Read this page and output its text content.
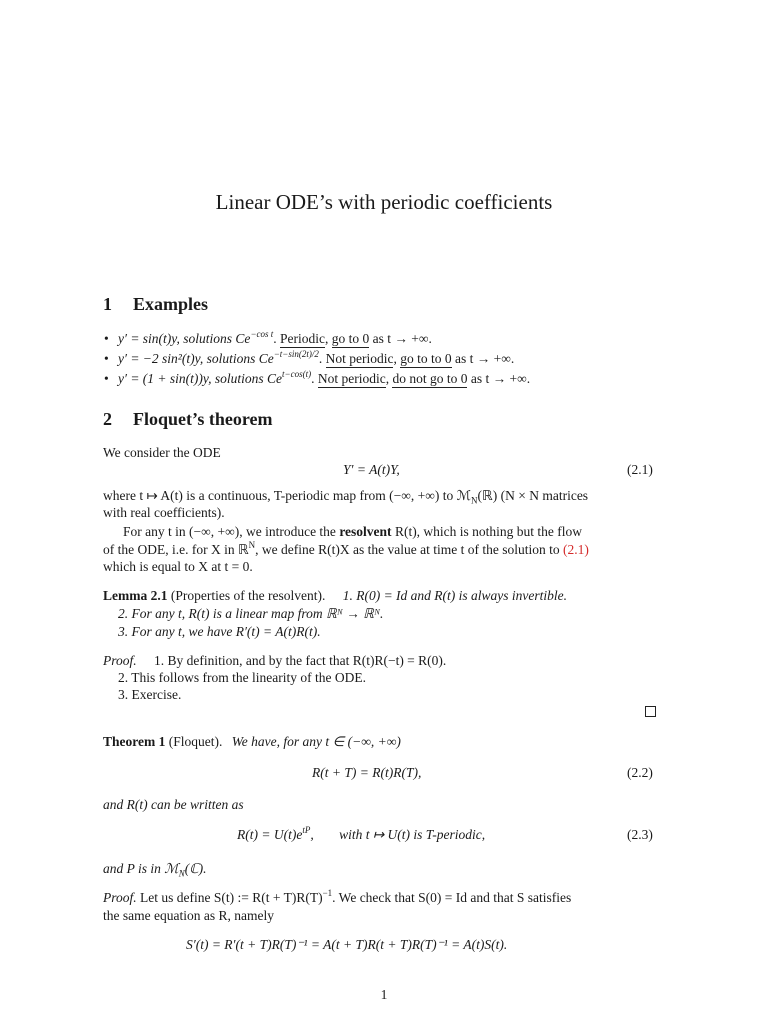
Linear ODE’s with periodic coefficients
1 Examples
• y′ = sin(t)y, solutions $Ce^{-cos t}$. Periodic, go to 0 as t → +∞.
• y′ = −2 sin²(t)y, solutions $Ce^{-t-sin(2t)/2}$. Not periodic, go to to 0 as t → +∞.
• y′ = (1 + sin(t))y, solutions $Ce^{t-cos(t)}$. Not periodic, do not go to 0 as t → +∞.
2 Floquet’s theorem
We consider the ODE
Y′ = A(t)Y,	(2.1)
where t ↦ A(t) is a continuous, T-periodic map from (−∞, +∞) to ℳ$_N$(ℝ) (N × N matrices
with real coefficients).
For any t in (−∞, +∞), we introduce the resolvent R(t), which is nothing but the flow
of the ODE, i.e. for X in ℝ$^N$, we define R(t)X as the value at time t of the solution to (2.1)
which is equal to X at t = 0.
Lemma 2.1 (Properties of the resolvent). 1. R(0) = Id and R(t) is always invertible.
2. For any t, R(t) is a linear map from ℝᴺ → ℝᴺ.
3. For any t, we have R′(t) = A(t)R(t).
Proof. 1. By definition, and by the fact that R(t)R(−t) = R(0).
2. This follows from the linearity of the ODE.
3. Exercise.
Theorem 1 (Floquet). We have, for any t ∈ (−∞, +∞)
R(t + T) = R(t)R(T),	(2.2)
and R(t) can be written as
$R(t) = U(t)e^{tP}$, with t ↦ U(t) is T-periodic,	(2.3)
and P is in ℳ$_N$(ℂ).
Proof. Let us define S(t) := $R(t + T)R(T)^{-1}$. We check that S(0) = Id and that S satisfies
the same equation as R, namely
S′(t) = R′(t + T)R(T)⁻¹ = A(t + T)R(t + T)R(T)⁻¹ = A(t)S(t).
1
